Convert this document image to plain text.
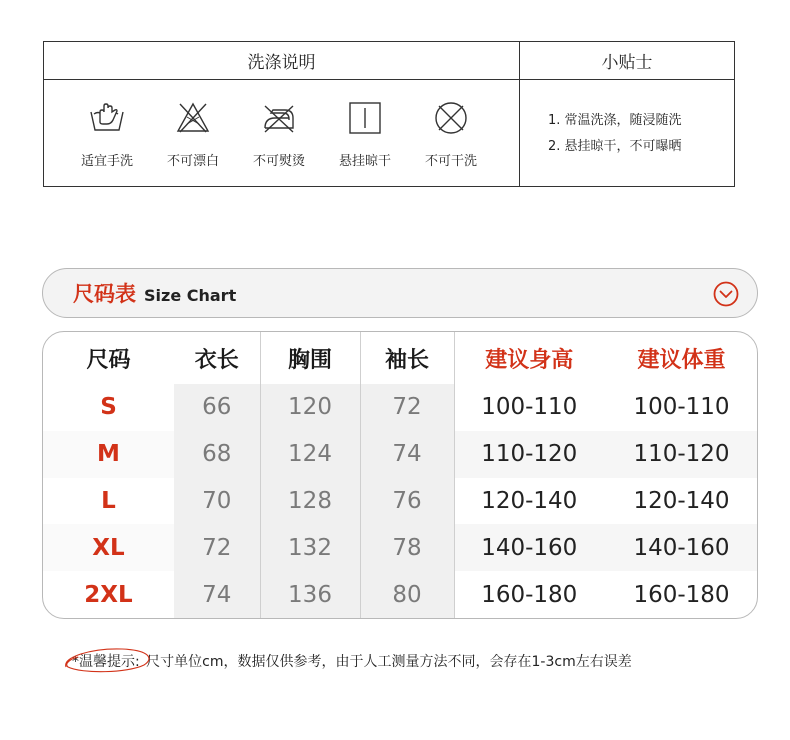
洗涤说明
适宜手洗	不可漂白	不可熨烫	悬挂晾干	不可干洗
小贴士
1. 常温洗涤，随浸随洗
2. 悬挂晾干，不可曝晒
尺码表 Size Chart
尺码	衣长	胸围	袖长	建议身高	建议体重
S	66	120	72	100-110	100-110
M	68	124	74	110-120	110-120
L	70	128	76	120-140	120-140
XL	72	132	78	140-160	140-160
2XL	74	136	80	160-180	160-180
*温馨提示: 尺寸单位cm，数据仅供参考，由于人工测量方法不同，会存在1-3cm左右误差
